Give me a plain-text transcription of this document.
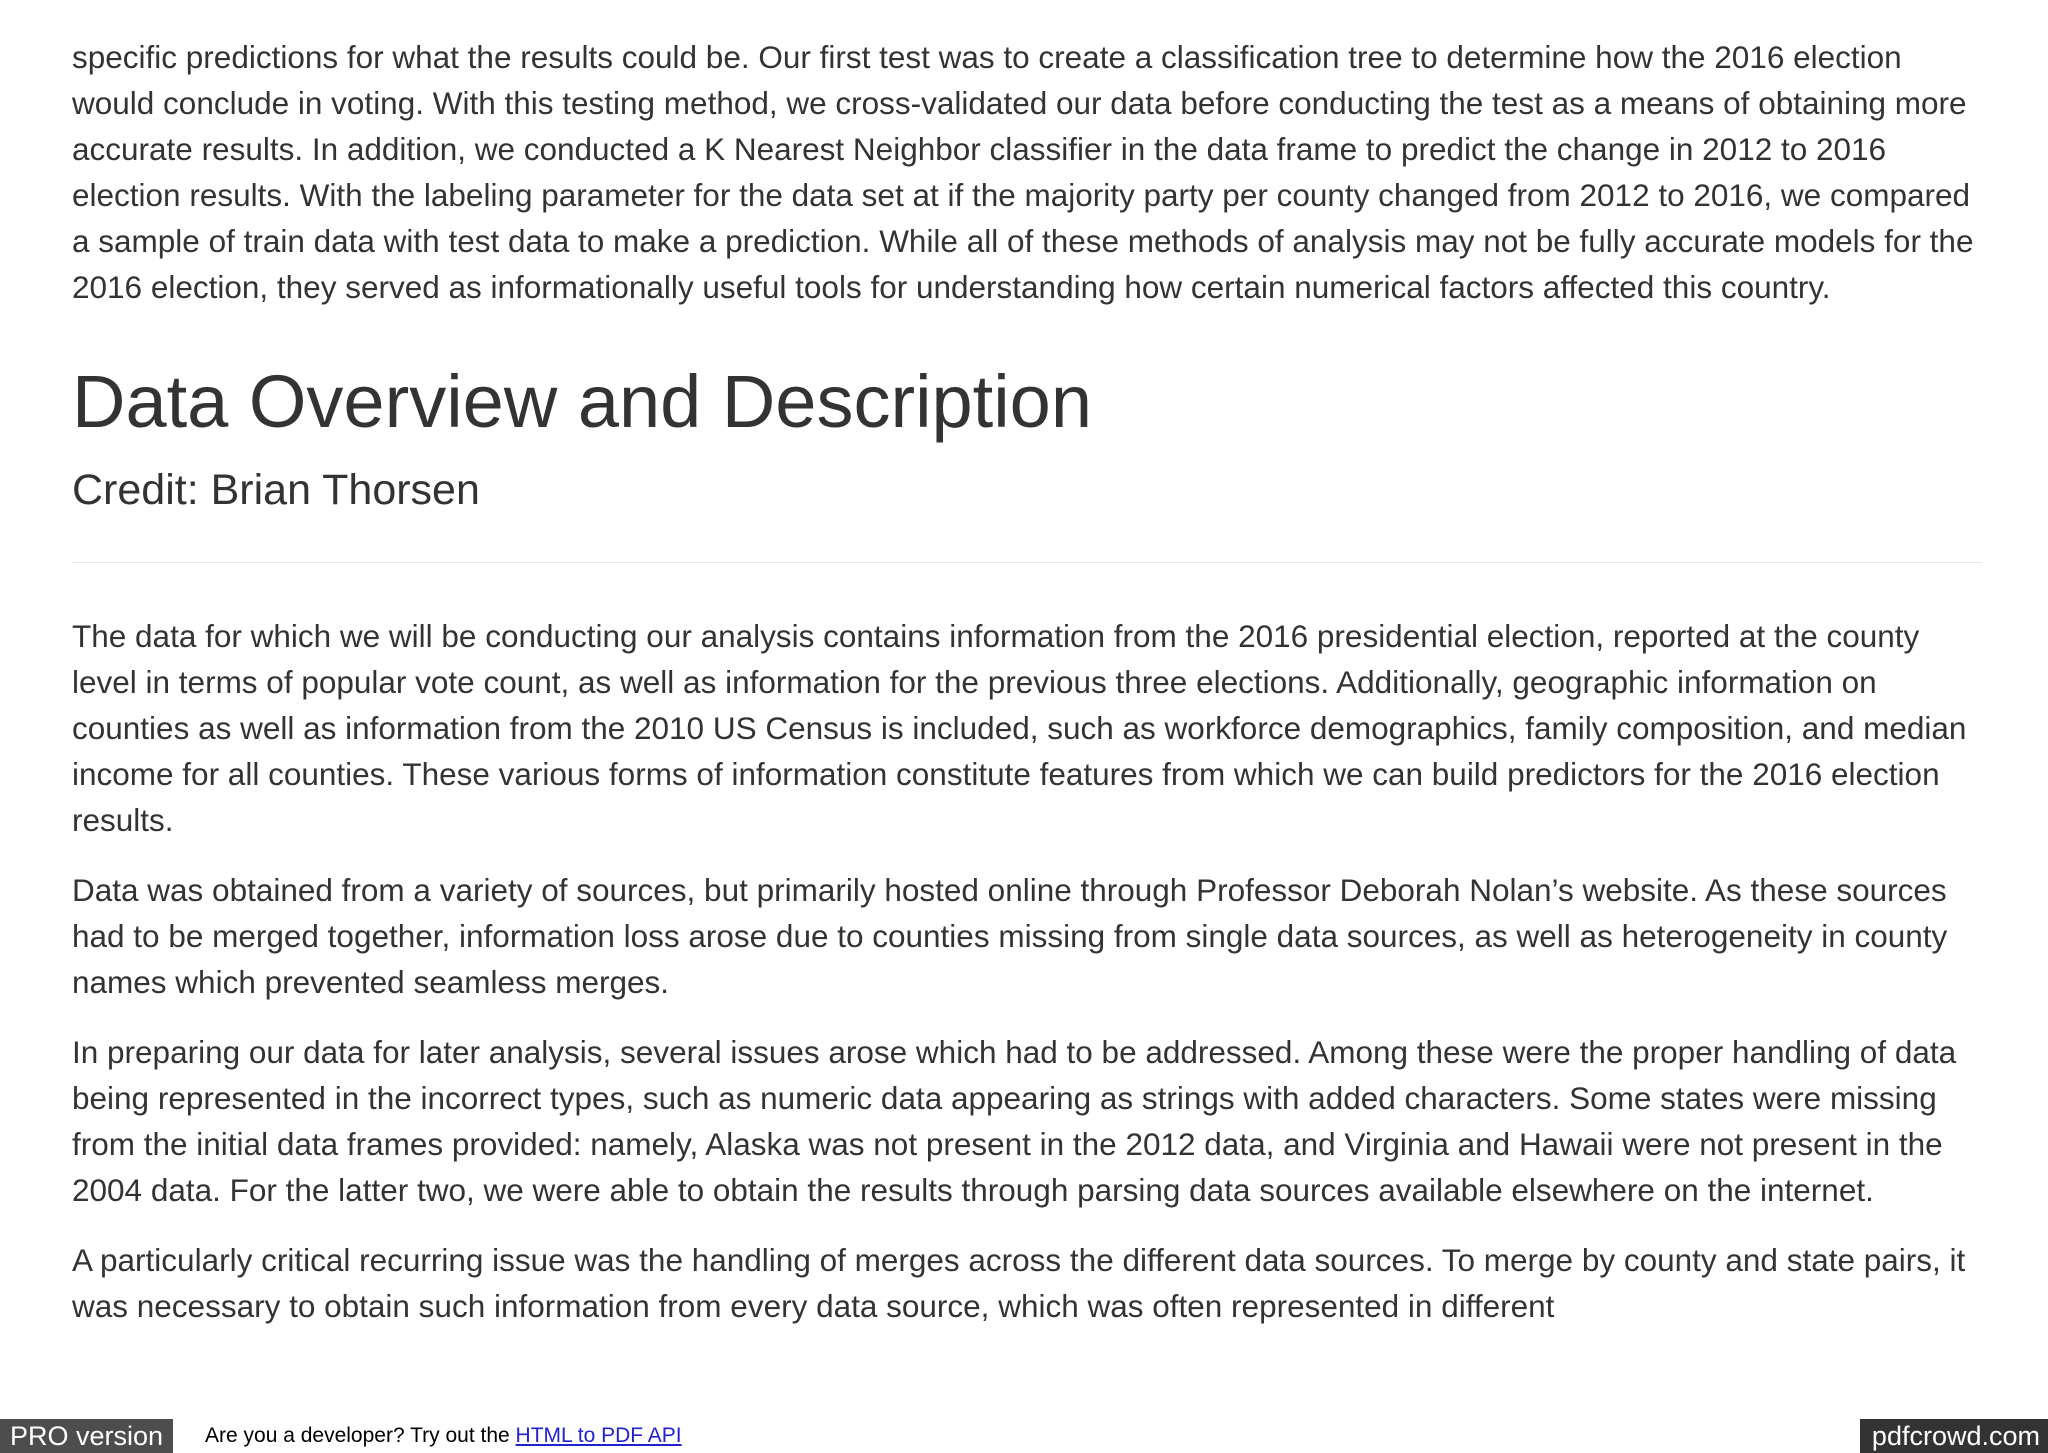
specific predictions for what the results could be. Our first test was to create a classification tree to determine how the 2016 election would conclude in voting. With this testing method, we cross-validated our data before conducting the test as a means of obtaining more accurate results. In addition, we conducted a K Nearest Neighbor classifier in the data frame to predict the change in 2012 to 2016 election results. With the labeling parameter for the data set at if the majority party per county changed from 2012 to 2016, we compared a sample of train data with test data to make a prediction. While all of these methods of analysis may not be fully accurate models for the 2016 election, they served as informationally useful tools for understanding how certain numerical factors affected this country.

Data Overview and Description
Credit: Brian Thorsen

The data for which we will be conducting our analysis contains information from the 2016 presidential election, reported at the county level in terms of popular vote count, as well as information for the previous three elections. Additionally, geographic information on counties as well as information from the 2010 US Census is included, such as workforce demographics, family composition, and median income for all counties. These various forms of information constitute features from which we can build predictors for the 2016 election results.

Data was obtained from a variety of sources, but primarily hosted online through Professor Deborah Nolan’s website. As these sources had to be merged together, information loss arose due to counties missing from single data sources, as well as heterogeneity in county names which prevented seamless merges.

In preparing our data for later analysis, several issues arose which had to be addressed. Among these were the proper handling of data being represented in the incorrect types, such as numeric data appearing as strings with added characters. Some states were missing from the initial data frames provided: namely, Alaska was not present in the 2012 data, and Virginia and Hawaii were not present in the 2004 data. For the latter two, we were able to obtain the results through parsing data sources available elsewhere on the internet.

A particularly critical recurring issue was the handling of merges across the different data sources. To merge by county and state pairs, it was necessary to obtain such information from every data source, which was often represented in different

PRO version	Are you a developer? Try out the HTML to PDF API	pdfcrowd.com
